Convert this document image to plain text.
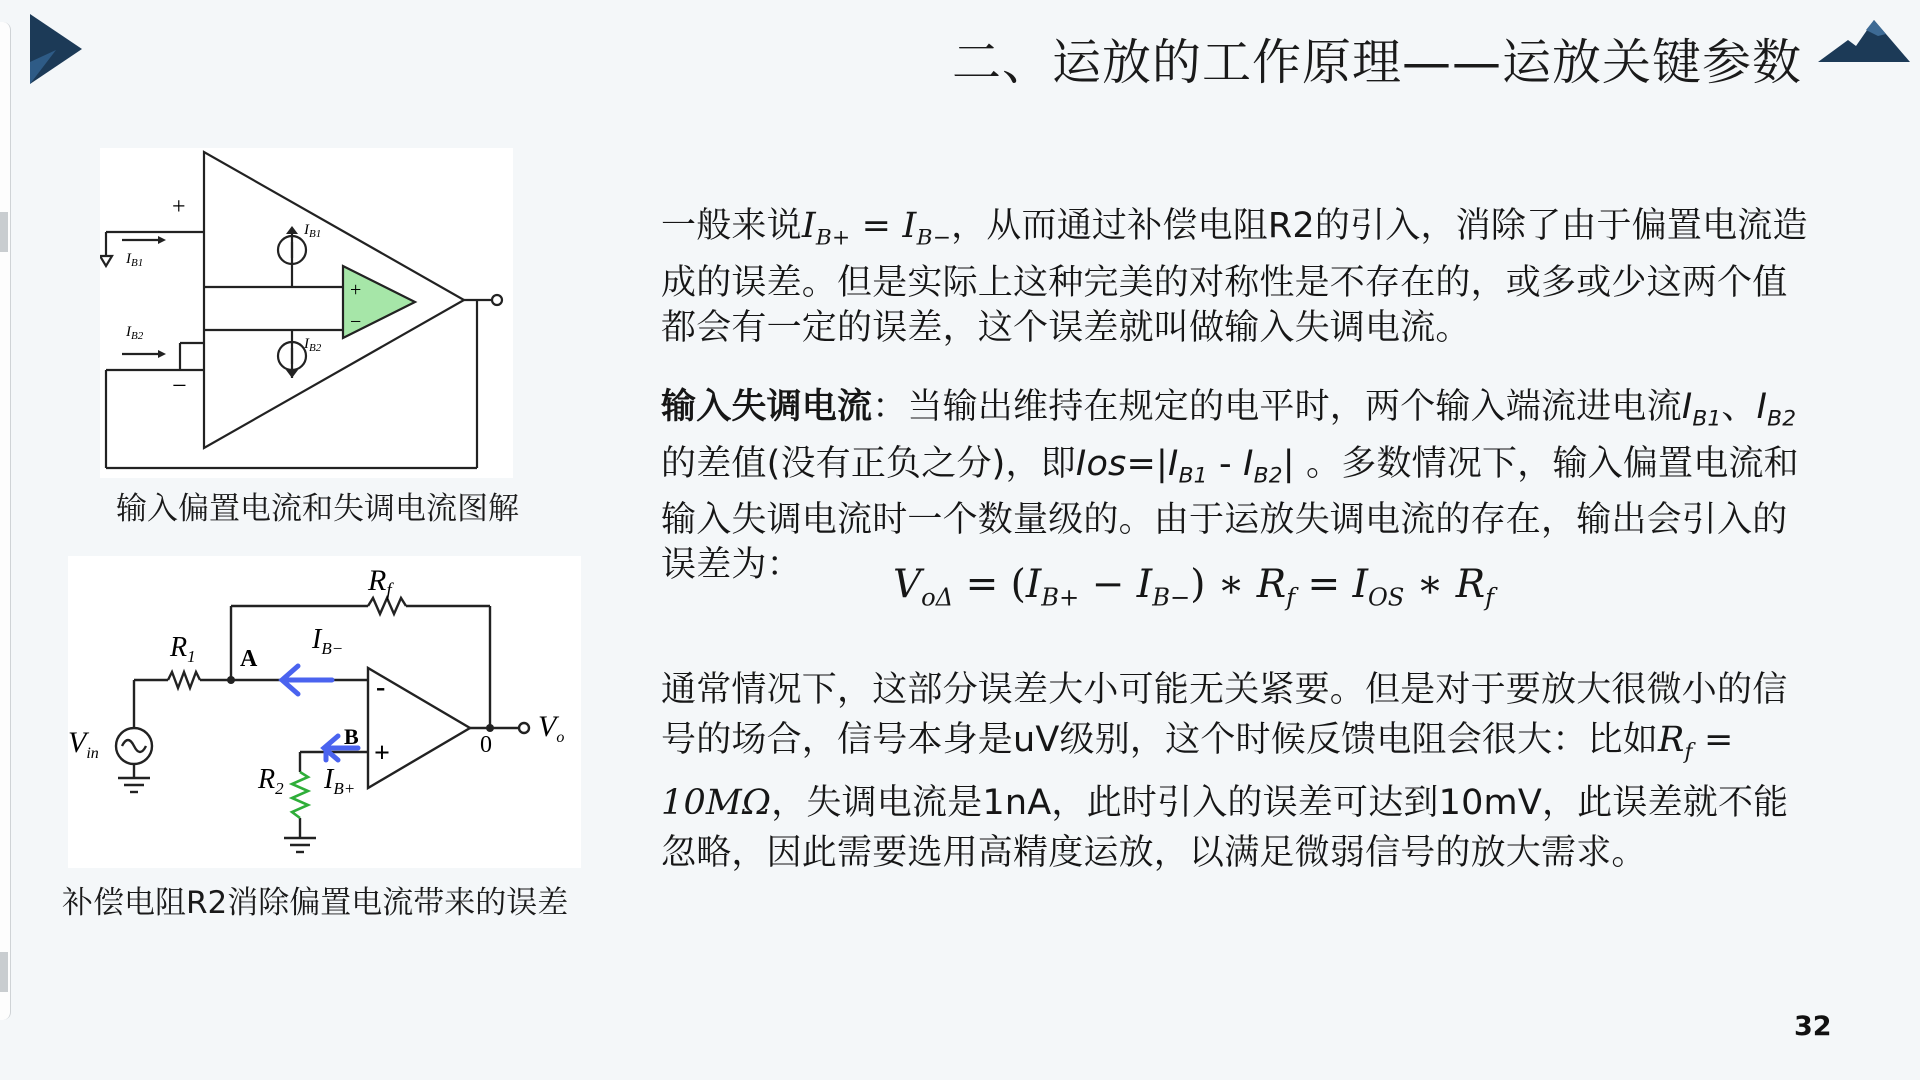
二、运放的工作原理——运放关键参数
+
−
+
−
$I_{B1}$
$I_{B2}$
$I_{B1}$
$I_{B2}$
输入偏置电流和失调电流图解
$R_f$
$R_1$
$R_2$
A
B
$I_{B-}$
$I_{B+}$
$V_{in}$
$V_o$
0
-
+
补偿电阻R2消除偏置电流带来的误差
一般来说$I_{B+} = I_{B-}$，从而通过补偿电阻R2的引入，消除了由于偏置电流造成的误差。但是实际上这种完美的对称性是不存在的，或多或少这两个值都会有一定的误差，这个误差就叫做输入失调电流。
输入失调电流：当输出维持在规定的电平时，两个输入端流进电流$I_{B1}$、$I_{B2}$的差值(没有正负之分)，即$Ios=|I_{B1} - I_{B2}|$ 。多数情况下，输入偏置电流和输入失调电流时一个数量级的。由于运放失调电流的存在，输出会引入的误差为：	$V_{o\Delta} = (I_{B+} - I_{B-})$ ∗ $R_f = I_{OS}$ ∗ $R_f$
通常情况下，这部分误差大小可能无关紧要。但是对于要放大很微小的信号的场合，信号本身是uV级别，这个时候反馈电阻会很大：比如$R_f = 10M\Omega$，失调电流是1nA，此时引入的误差可达到10mV，此误差就不能忽略，因此需要选用高精度运放，以满足微弱信号的放大需求。
32
